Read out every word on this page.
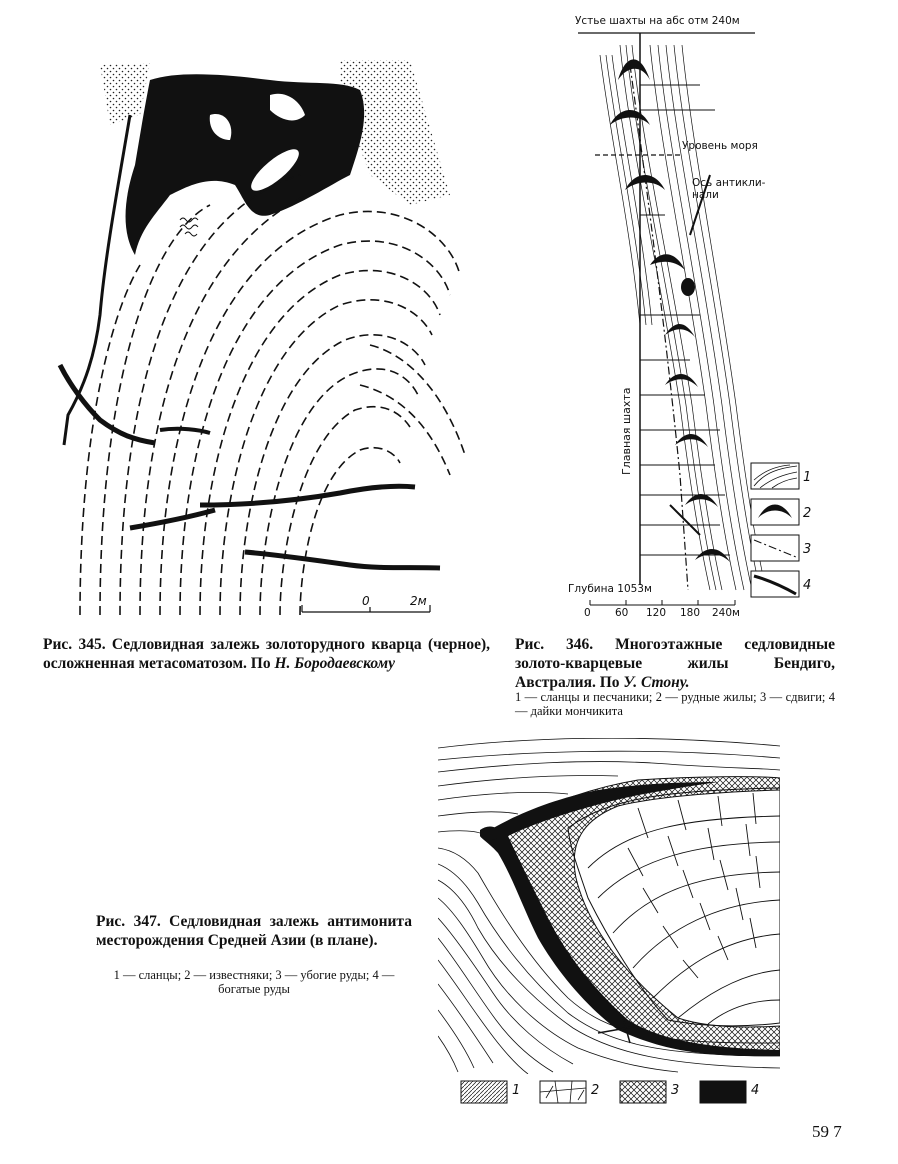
0	2м
Рис. 345. Седловидная залежь золоторудного кварца (черное), осложненная метасоматозом. По Н. Бородаевскому
Устье шахты на абс отм 240м
Уровень моря
Ось антикли-
нали
Главная шахта
Глубина 1053м
0 60 120 180 240м
1
2
3
4
Рис. 346. Многоэтажные седловидные золото-кварцевые жилы Бендиго, Австралия. По У. Стону.
1 — сланцы и песчаники; 2 — рудные жилы; 3 — сдвиги; 4 — дайки мончикита
1	2	3	4
Рис. 347. Седловидная залежь антимонита месторождения Средней Азии (в плане).
1 — сланцы; 2 — известняки; 3 — убогие руды; 4 — богатые руды
59 7
